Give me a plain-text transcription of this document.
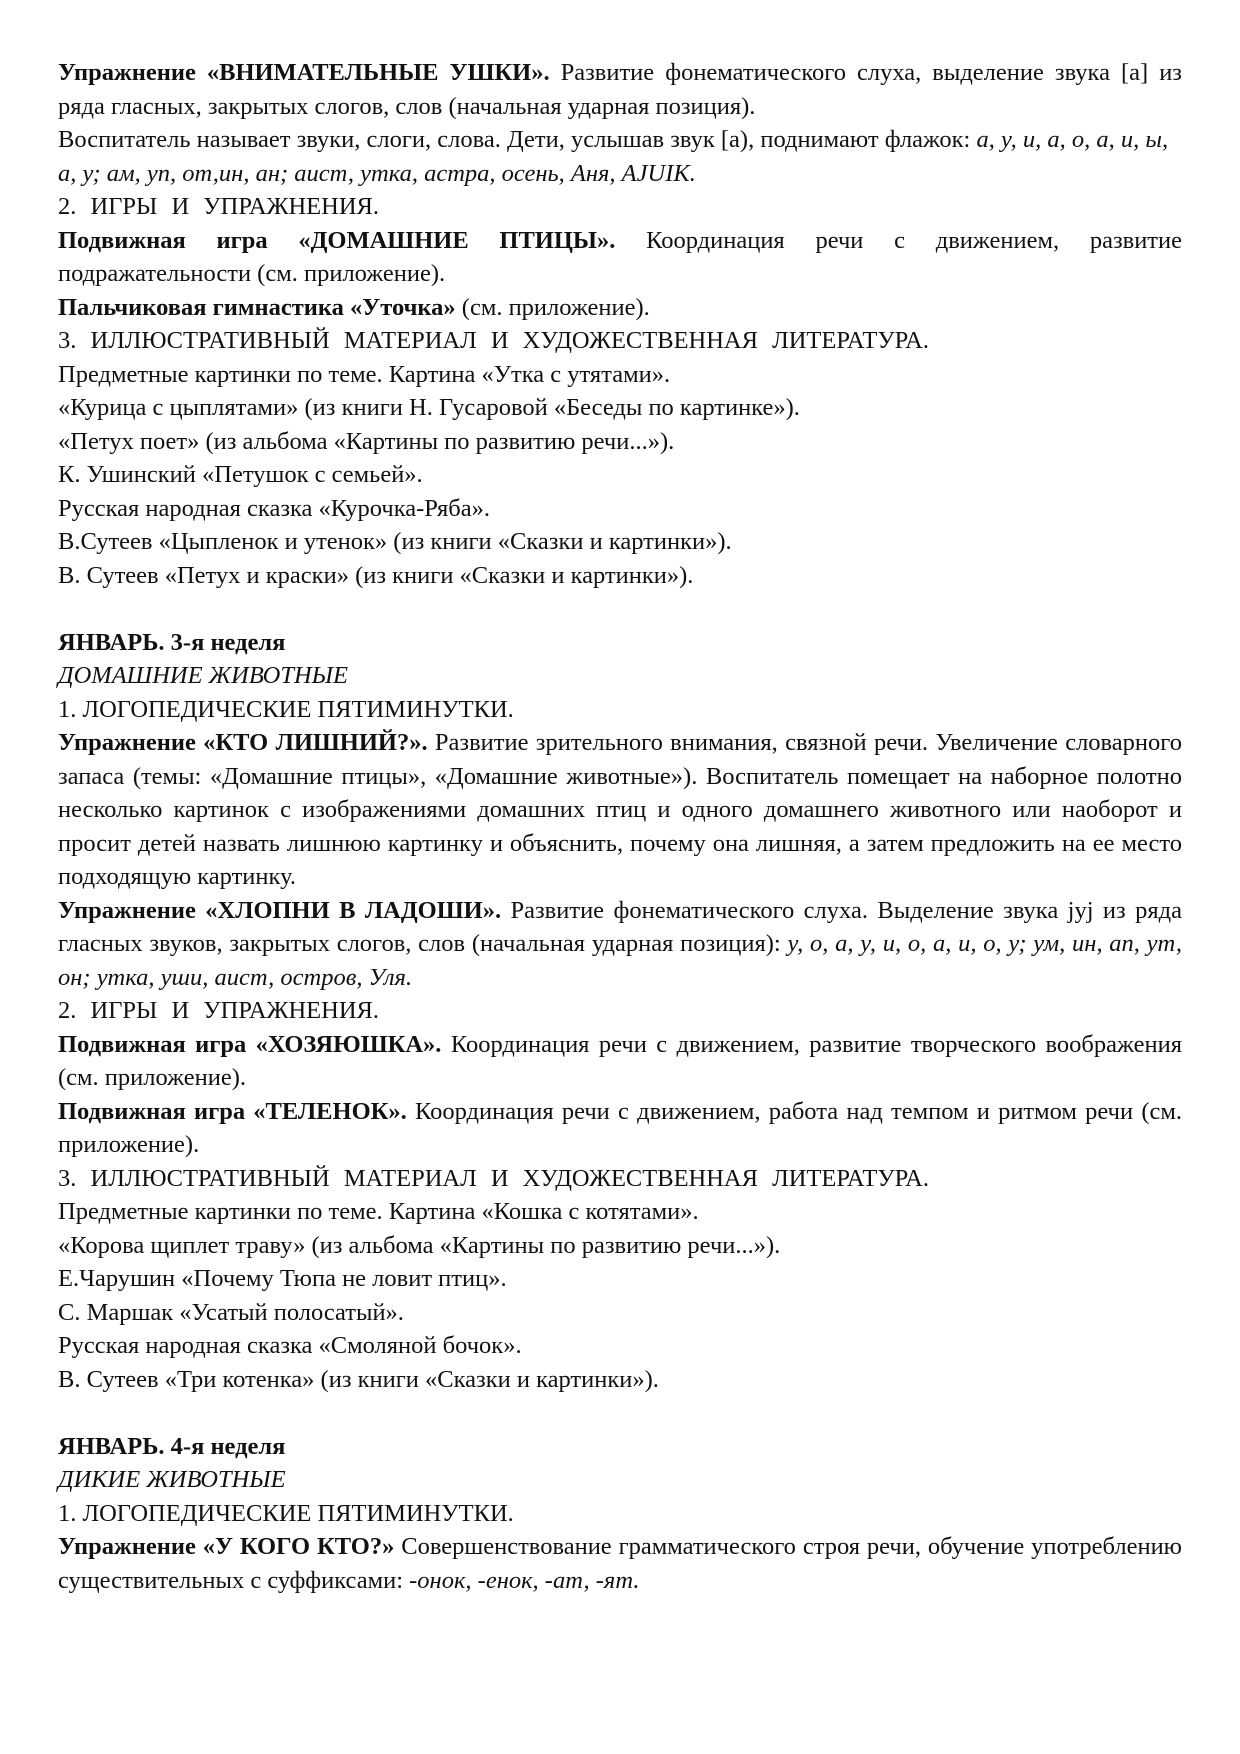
Упражнение «ВНИМАТЕЛЬНЫЕ УШКИ». Развитие фонематического слуха, выделение звука [а] из ряда гласных, закрытых слогов, слов (начальная ударная позиция).

Воспитатель называет звуки, слоги, слова. Дети, услышав звук [а), поднимают флажок: а, у, и, а, о, а, и, ы, а, у; ам, уп, от,ин, ан; аист, утка, астра, осень, Аня, AJUIK.

2. ИГРЫ И УПРАЖНЕНИЯ.

Подвижная игра «ДОМАШНИЕ ПТИЦЫ». Координация речи с движением, развитие подражательности (см. приложение).

Пальчиковая гимнастика «Уточка» (см. приложение).

3. ИЛЛЮСТРАТИВНЫЙ МАТЕРИАЛ И ХУДОЖЕСТВЕННАЯ ЛИТЕРАТУРА.

Предметные картинки по теме. Картина «Утка с утятами».

«Курица с цыплятами» (из книги Н. Гусаровой «Беседы по картинке»).

«Петух поет» (из альбома «Картины по развитию речи...»).

К. Ушинский «Петушок с семьей».

Русская народная сказка «Курочка-Ряба».

В.Сутеев «Цыпленок и утенок» (из книги «Сказки и картинки»).

В. Сутеев «Петух и краски» (из книги «Сказки и картинки»).

ЯНВАРЬ. 3-я неделя

ДОМАШНИЕ ЖИВОТНЫЕ

1. ЛОГОПЕДИЧЕСКИЕ ПЯТИМИНУТКИ.

Упражнение «КТО ЛИШНИЙ?». Развитие зрительного внимания, связной речи. Увеличение словарного запаса (темы: «Домашние птицы», «Домашние животные»). Воспитатель помещает на наборное полотно несколько картинок с изображениями домашних птиц и одного домашнего животного или наоборот и просит детей назвать лишнюю картинку и объяснить, почему она лишняя, а затем предложить на ее место подходящую картинку.

Упражнение «ХЛОПНИ В ЛАДОШИ». Развитие фонематического слуха. Выделение звука jyj из ряда гласных звуков, закрытых слогов, слов (начальная ударная позиция): у, о, а, у, и, о, а, и, о, у; ум, ин, ап, ут, он; утка, уши, аист, остров, Уля.

2. ИГРЫ И УПРАЖНЕНИЯ.

Подвижная игра «ХОЗЯЮШКА». Координация речи с движением, развитие творческого воображения (см. приложение).

Подвижная игра «ТЕЛЕНОК». Координация речи с движением, работа над темпом и ритмом речи (см. приложение).

3. ИЛЛЮСТРАТИВНЫЙ МАТЕРИАЛ И ХУДОЖЕСТВЕННАЯ ЛИТЕРАТУРА.

Предметные картинки по теме. Картина «Кошка с котятами».

«Корова щиплет траву» (из альбома «Картины по развитию речи...»).

Е.Чарушин «Почему Тюпа не ловит птиц».

С. Маршак «Усатый полосатый».

Русская народная сказка «Смоляной бочок».

В. Сутеев «Три котенка» (из книги «Сказки и картинки»).

ЯНВАРЬ. 4-я неделя

ДИКИЕ ЖИВОТНЫЕ

1. ЛОГОПЕДИЧЕСКИЕ ПЯТИМИНУТКИ.

Упражнение «У КОГО КТО?» Совершенствование грамматического строя речи, обучение употреблению существительных с суффиксами: -онок, -енок, -ат, -ят.
